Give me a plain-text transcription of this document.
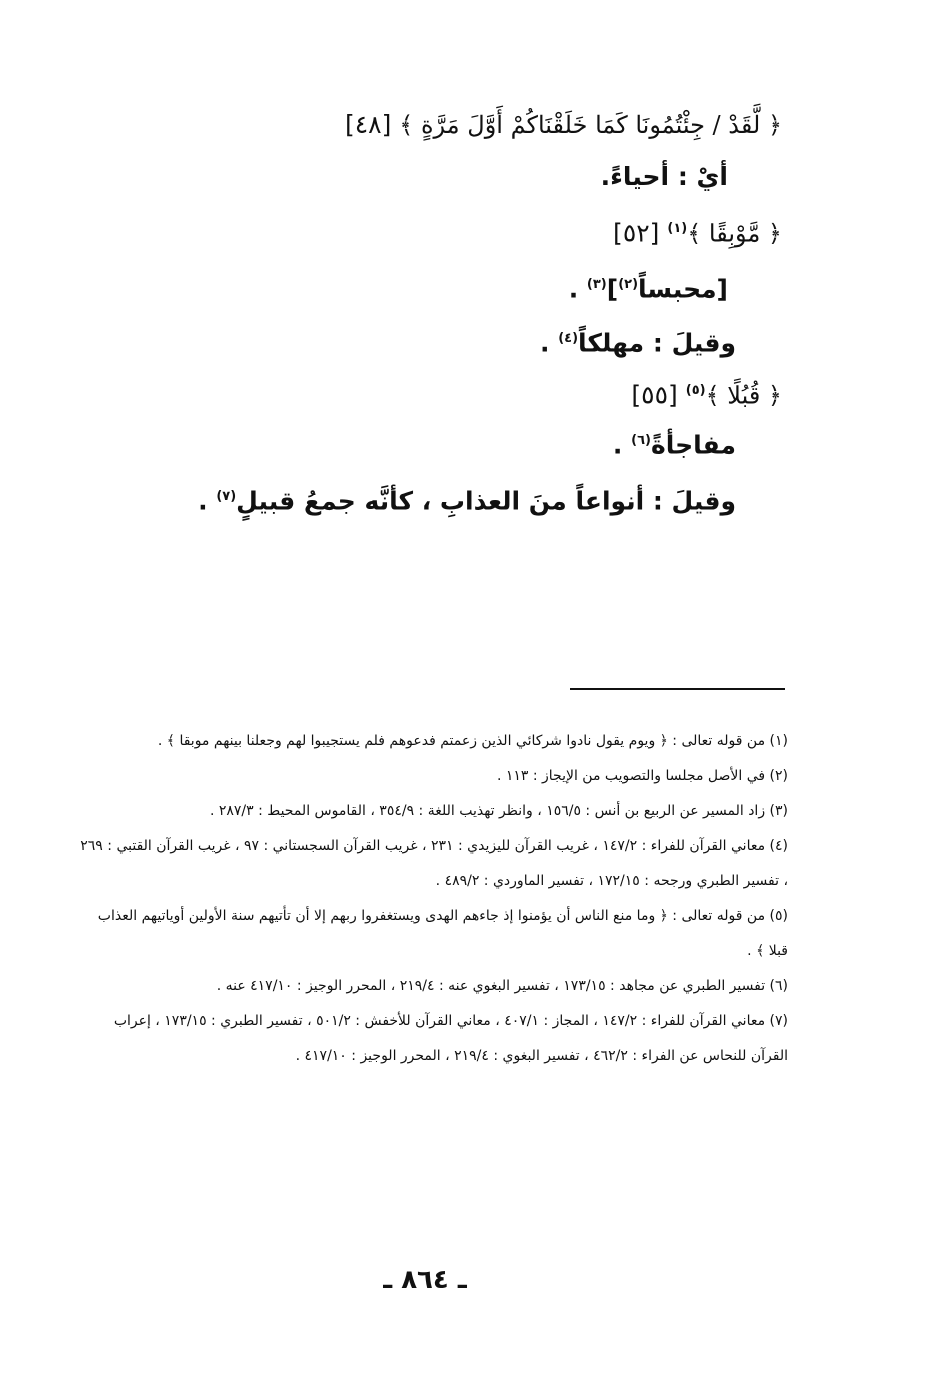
﴿ لَّقَدْ / جِئْتُمُونَا كَمَا خَلَقْنَاكُمْ أَوَّلَ مَرَّةٍ ﴾ [٤٨]
أيْ : أحياءً.
﴿ مَّوْبِقًا ﴾$^{(١)}$ [٥٢]
[محبساً$^{(٢)}$]$^{(٣)}$ .
وقيلَ : مهلكاً$^{(٤)}$ .
﴿ قُبُلًا ﴾$^{(٥)}$ [٥٥]
مفاجأةً$^{(٦)}$ .
وقيلَ : أنواعاً منَ العذابِ ، كأنَّه جمعُ قبيلٍ$^{(٧)}$ .

(١) من قوله تعالى : ﴿ ويوم يقول نادوا شركائي الذين زعمتم فدعوهم فلم يستجيبوا لهم وجعلنا بينهم موبقا ﴾ .

(٢) في الأصل مجلسا والتصويب من الإيجاز : ١١٣ .

(٣) زاد المسير عن الربيع بن أنس : ١٥٦/٥ ، وانظر تهذيب اللغة : ٣٥٤/٩ ، القاموس المحيط : ٢٨٧/٣ .

(٤) معاني القرآن للفراء : ١٤٧/٢ ، غريب القرآن لليزيدي : ٢٣١ ، غريب القرآن السجستاني : ٩٧ ، غريب القرآن القتبي : ٢٦٩ ، تفسير الطبري ورجحه : ١٧٢/١٥ ، تفسير الماوردي : ٤٨٩/٢ .

(٥) من قوله تعالى : ﴿ وما منع الناس أن يؤمنوا إذ جاءهم الهدى ويستغفروا ربهم إلا أن تأتيهم سنة الأولين أوياتيهم العذاب قبلا ﴾ .

(٦) تفسير الطبري عن مجاهد : ١٧٣/١٥ ، تفسير البغوي عنه : ٢١٩/٤ ، المحرر الوجيز : ٤١٧/١٠ عنه .

(٧) معاني القرآن للفراء : ١٤٧/٢ ، المجاز : ٤٠٧/١ ، معاني القرآن للأخفش : ٥٠١/٢ ، تفسير الطبري : ١٧٣/١٥ ، إعراب القرآن للنحاس عن الفراء : ٤٦٢/٢ ، تفسير البغوي : ٢١٩/٤ ، المحرر الوجيز : ٤١٧/١٠ .

ـ ٨٦٤ ـ
